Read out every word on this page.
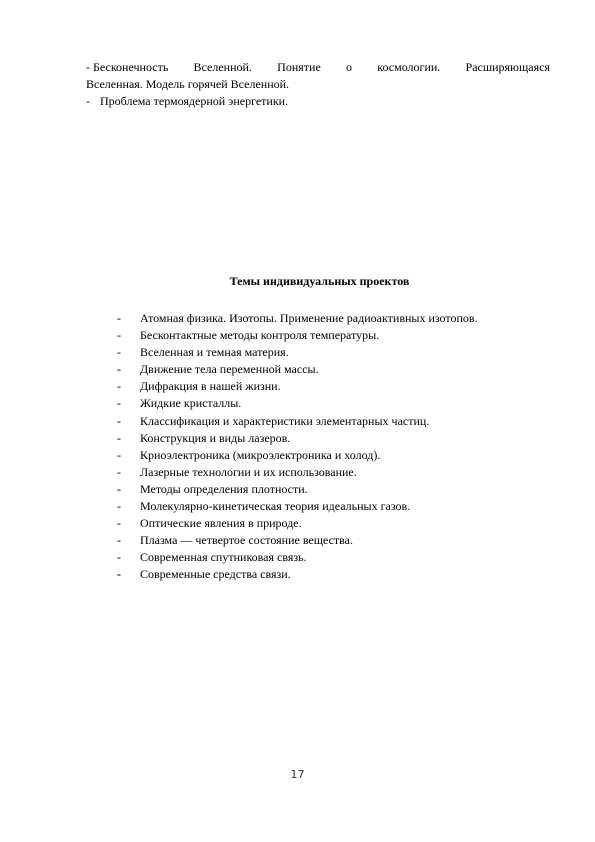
- Бесконечность Вселенной. Понятие о космологии. Расширяющаяся
Вселенная. Модель горячей Вселенной.
- Проблема термоядерной энергетики.
Темы индивидуальных проектов
- Атомная физика. Изотопы. Применение радиоактивных изотопов.
- Бесконтактные методы контроля температуры.
- Вселенная и темная материя.
- Движение тела переменной массы.
- Дифракция в нашей жизни.
- Жидкие кристаллы.
- Классификация и характеристики элементарных частиц.
- Конструкция и виды лазеров.
- Криоэлектроника (микроэлектроника и холод).
- Лазерные технологии и их использование.
- Методы определения плотности.
- Молекулярно-кинетическая теория идеальных газов.
- Оптические явления в природе.
- Плазма — четвертое состояние вещества.
- Современная спутниковая связь.
- Современные средства связи.
17
